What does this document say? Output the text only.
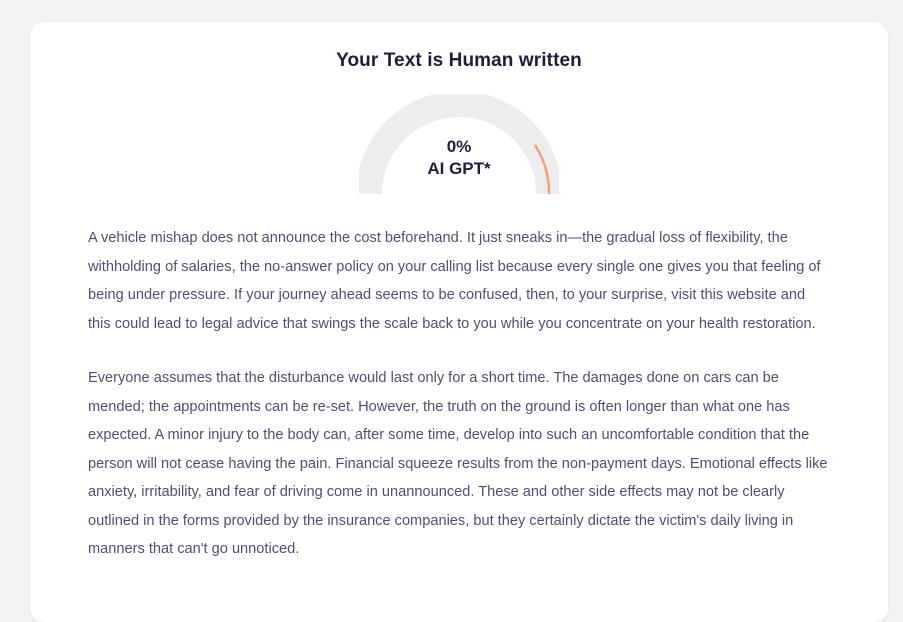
Your Text is Human written
0%
AI GPT*

A vehicle mishap does not announce the cost beforehand. It just sneaks in—the gradual loss of flexibility, the withholding of salaries, the no-answer policy on your calling list because every single one gives you that feeling of being under pressure. If your journey ahead seems to be confused, then, to your surprise, visit this website and this could lead to legal advice that swings the scale back to you while you concentrate on your health restoration.

Everyone assumes that the disturbance would last only for a short time. The damages done on cars can be mended; the appointments can be re-set. However, the truth on the ground is often longer than what one has expected. A minor injury to the body can, after some time, develop into such an uncomfortable condition that the person will not cease having the pain. Financial squeeze results from the non-payment days. Emotional effects like anxiety, irritability, and fear of driving come in unannounced. These and other side effects may not be clearly outlined in the forms provided by the insurance companies, but they certainly dictate the victim's daily living in manners that can't go unnoticed.
